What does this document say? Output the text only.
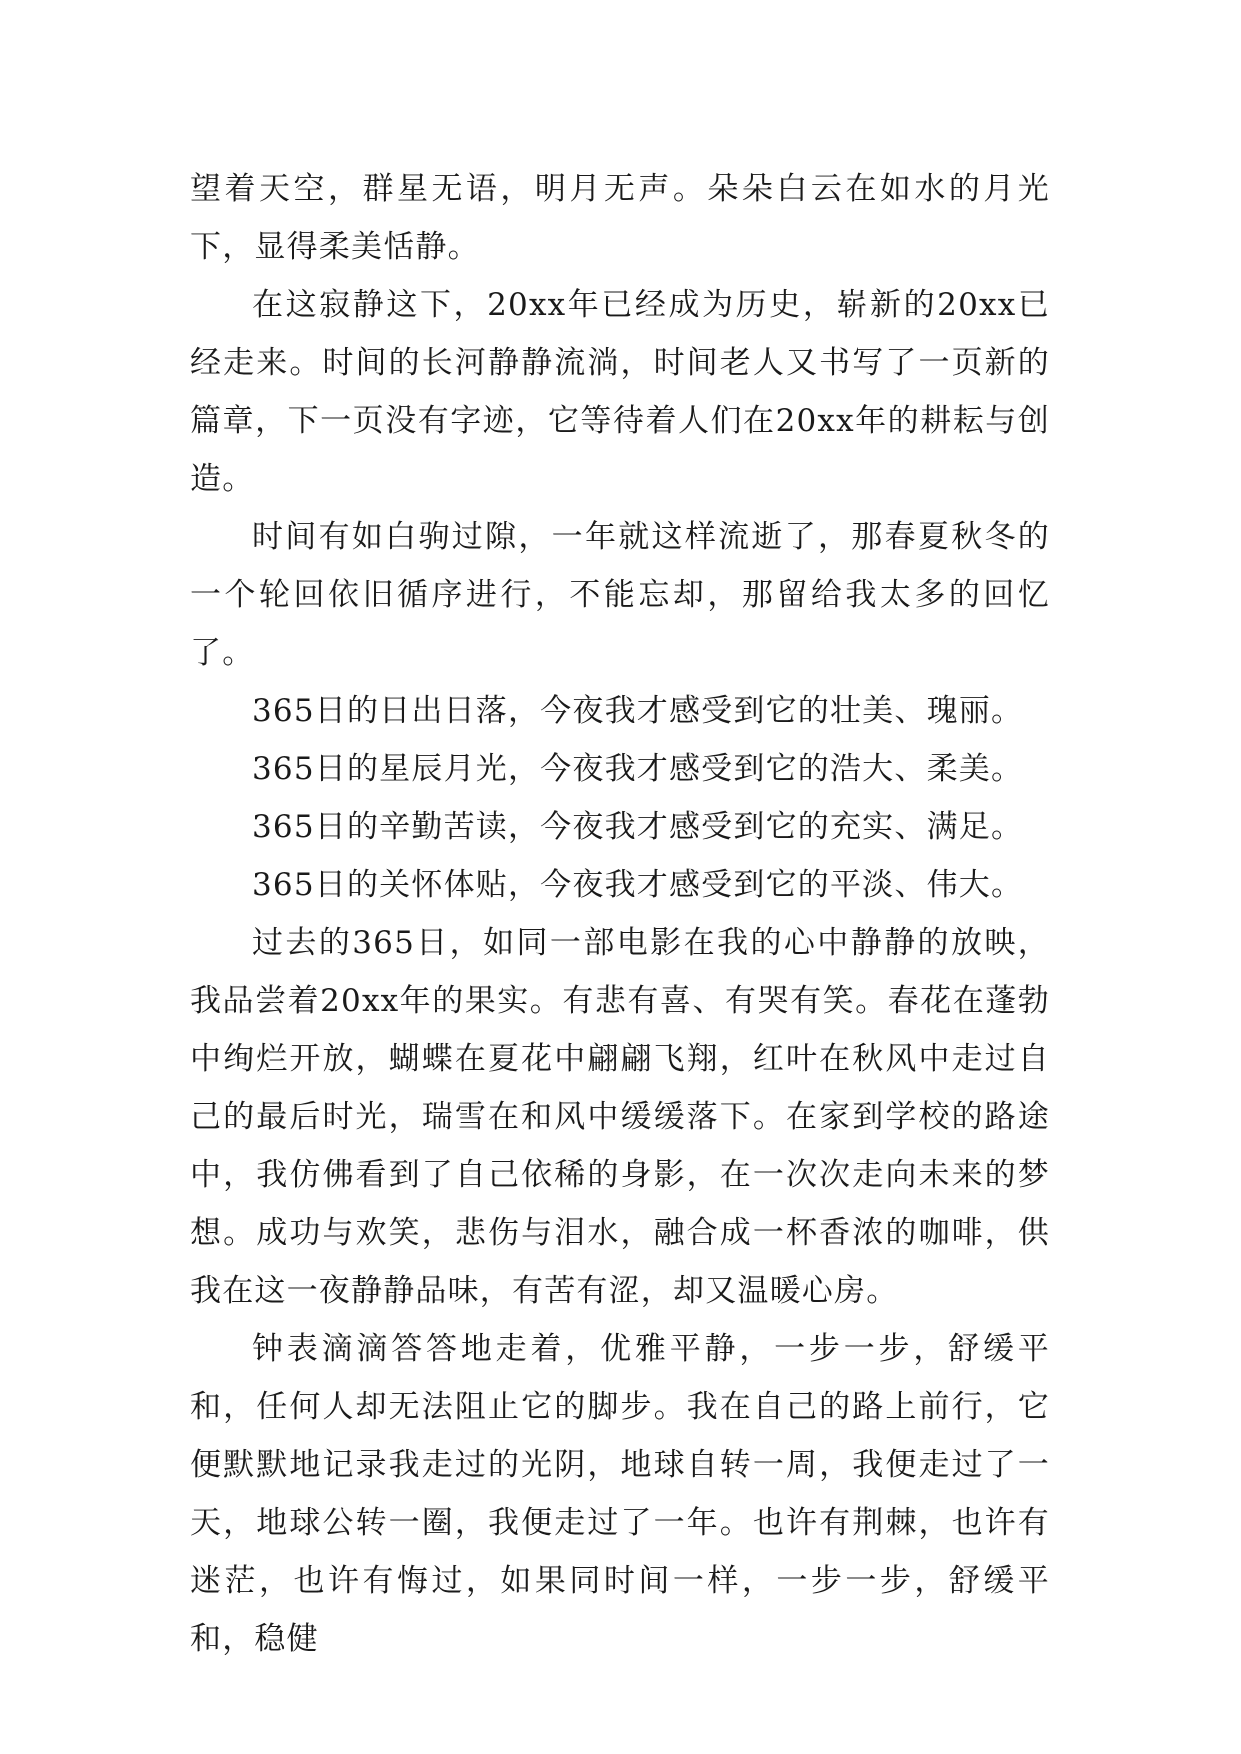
望着天空，群星无语，明月无声。朵朵白云在如水的月光下，显得柔美恬静。

在这寂静这下，20xx年已经成为历史，崭新的20xx已经走来。时间的长河静静流淌，时间老人又书写了一页新的篇章，下一页没有字迹，它等待着人们在20xx年的耕耘与创造。

时间有如白驹过隙，一年就这样流逝了，那春夏秋冬的一个轮回依旧循序进行，不能忘却，那留给我太多的回忆了。

365日的日出日落，今夜我才感受到它的壮美、瑰丽。

365日的星辰月光，今夜我才感受到它的浩大、柔美。

365日的辛勤苦读，今夜我才感受到它的充实、满足。

365日的关怀体贴，今夜我才感受到它的平淡、伟大。

过去的365日，如同一部电影在我的心中静静的放映，我品尝着20xx年的果实。有悲有喜、有哭有笑。春花在蓬勃中绚烂开放，蝴蝶在夏花中翩翩飞翔，红叶在秋风中走过自己的最后时光，瑞雪在和风中缓缓落下。在家到学校的路途中，我仿佛看到了自己依稀的身影，在一次次走向未来的梦想。成功与欢笑，悲伤与泪水，融合成一杯香浓的咖啡，供我在这一夜静静品味，有苦有涩，却又温暖心房。

钟表滴滴答答地走着，优雅平静，一步一步，舒缓平和，任何人却无法阻止它的脚步。我在自己的路上前行，它便默默地记录我走过的光阴，地球自转一周，我便走过了一天，地球公转一圈，我便走过了一年。也许有荆棘，也许有迷茫，也许有悔过，如果同时间一样，一步一步，舒缓平和，稳健
